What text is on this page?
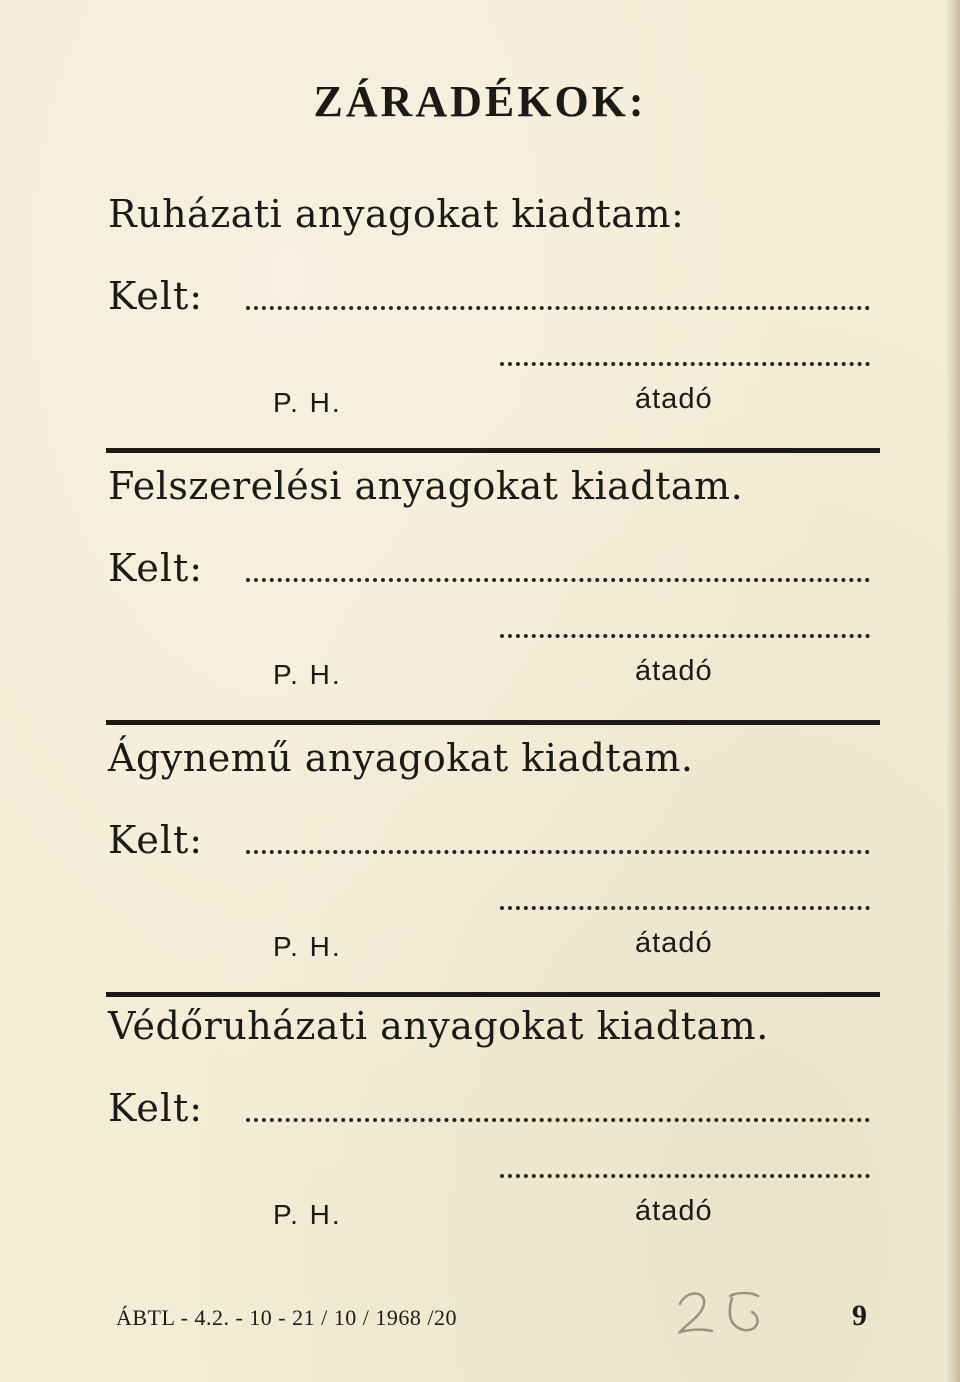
ZÁRADÉKOK:
Ruházati anyagokat kiadtam:
Kelt:
P. H.	átadó
Felszerelési anyagokat kiadtam.
Kelt:
P. H.	átadó
Ágynemű anyagokat kiadtam.
Kelt:
P. H.	átadó
Védőruházati anyagokat kiadtam.
Kelt:
P. H.	átadó
ÁBTL - 4.2. - 10 - 21 / 10 / 1968 /20	9
